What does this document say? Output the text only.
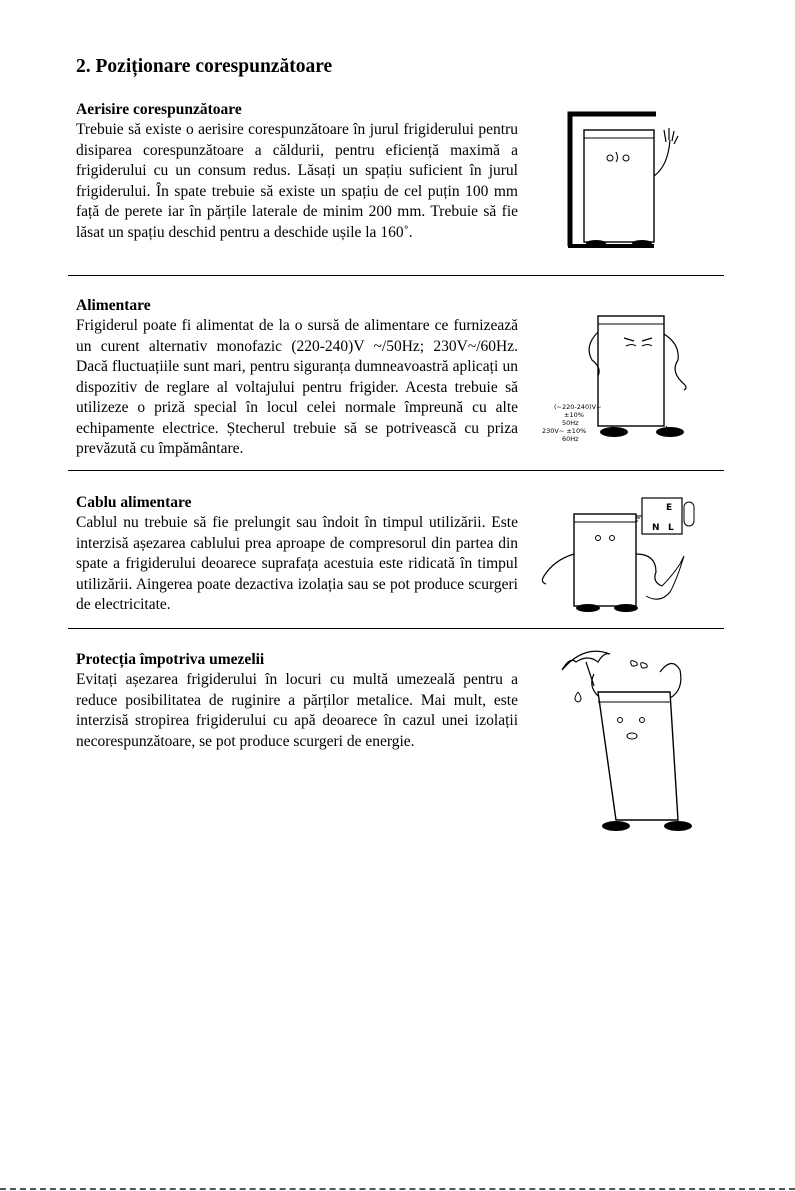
2. Poziționare corespunzătoare
Aerisire corespunzătoare

Trebuie să existe o aerisire corespunzătoare în jurul frigiderului pentru disiparea corespunzătoare a căldurii, pentru eficiență maximă a frigiderului cu un consum redus. Lăsați un spațiu suficient în jurul frigiderului. În spate trebuie să existe un spațiu de cel puțin 100 mm față de perete iar în părțile laterale de minim 200 mm. Trebuie să fie lăsat un spațiu deschid pentru a deschide ușile la 160˚.

Alimentare

Frigiderul poate fi alimentat de la o sursă de alimentare ce furnizează un curent alternativ monofazic (220-240)V ~/50Hz; 230V~/60Hz. Dacă fluctuațiile sunt mari, pentru siguranța dumneavoastră aplicați un dispozitiv de reglare al voltajului pentru frigider. Acesta trebuie să utilizeze o priză special în locul celei normale împreună cu alte echipamente electrice. Ștecherul trebuie să se potrivească cu priza prevăzută cu împământare.

(~220-240)V~
±10%
50Hz
230V~ ±10%
60Hz
Cablu alimentare

Cablul nu trebuie să fie prelungit sau îndoit în timpul utilizării. Este interzisă așezarea cablului prea aproape de compresorul din partea din spate a frigiderului deoarece suprafața acestuia este ridicată în timpul utilizării. Aingerea poate dezactiva izolația sau se pot produce scurgeri de electricitate.

E
N L
Protecția împotriva umezelii

Evitați așezarea frigiderului în locuri cu multă umezeală pentru a reduce posibilitatea de ruginire a părților metalice. Mai mult, este interzisă stropirea frigiderului cu apă deoarece în cazul unei izolații necorespunzătoare, se pot produce scurgeri de energie.
